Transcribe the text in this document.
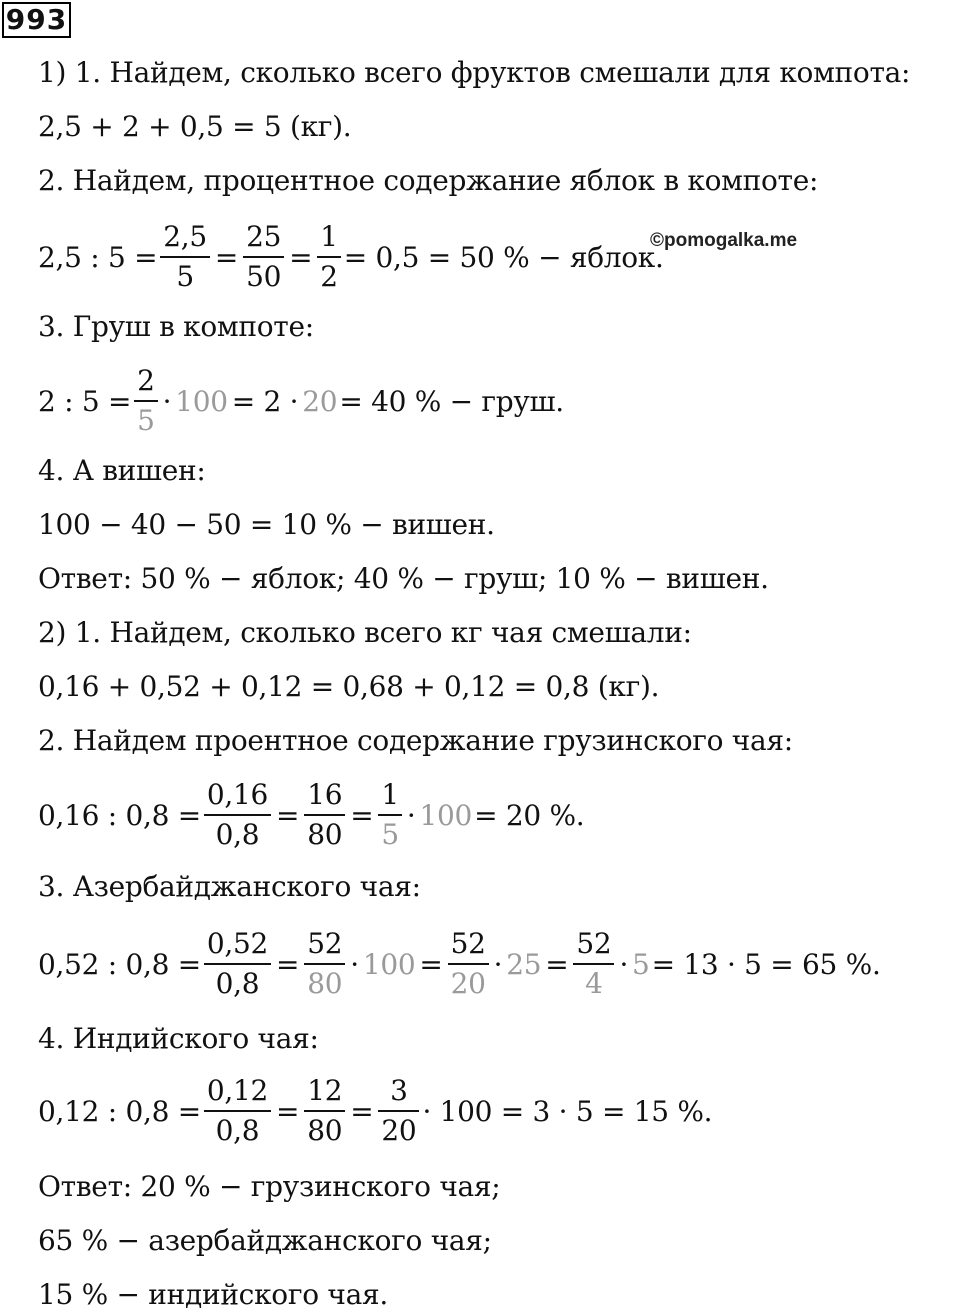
993
©pomogalka.me
1) 1. Найдем, сколько всего фруктов смешали для компота:
2,5 + 2 + 0,5 = 5 (кг).
2. Найдем, процентное содержание яблок в компоте:
2,5 : $5 = \frac{2,5}{5} = \frac{25}{50} = \frac{1}{2} = 0,5 = 50$ % − яблок.
3. Груш в компоте:
2 : $5 = \frac{2}{5} \cdot 100 = 2 \cdot 20 = 40$ % − груш.
4. А вишен:
100 − 40 − 50 = 10 % − вишен.
Ответ: 50 % − яблок; 40 % − груш; 10 % − вишен.
2) 1. Найдем, сколько всего кг чая смешали:
0,16 + 0,52 + 0,12 = 0,68 + 0,12 = 0,8 (кг).
2. Найдем проентное содержание грузинского чая:
0,16 : $0,8 = \frac{0,16}{0,8} = \frac{16}{80} = \frac{1}{5} \cdot 100 = 20$ %.
3. Азербайджанского чая:
0,52 : $0,8 = \frac{0,52}{0,8} = \frac{52}{80} \cdot 100 = \frac{52}{20} \cdot 25 = \frac{52}{4} \cdot 5 = 13 \cdot 5 = 65$ %.
4. Индийского чая:
0,12 : $0,8 = \frac{0,12}{0,8} = \frac{12}{80} = \frac{3}{20} \cdot 100 = 3 \cdot 5 = 15$ %.
Ответ: 20 % − грузинского чая;
65 % − азербайджанского чая;
15 % − индийского чая.
